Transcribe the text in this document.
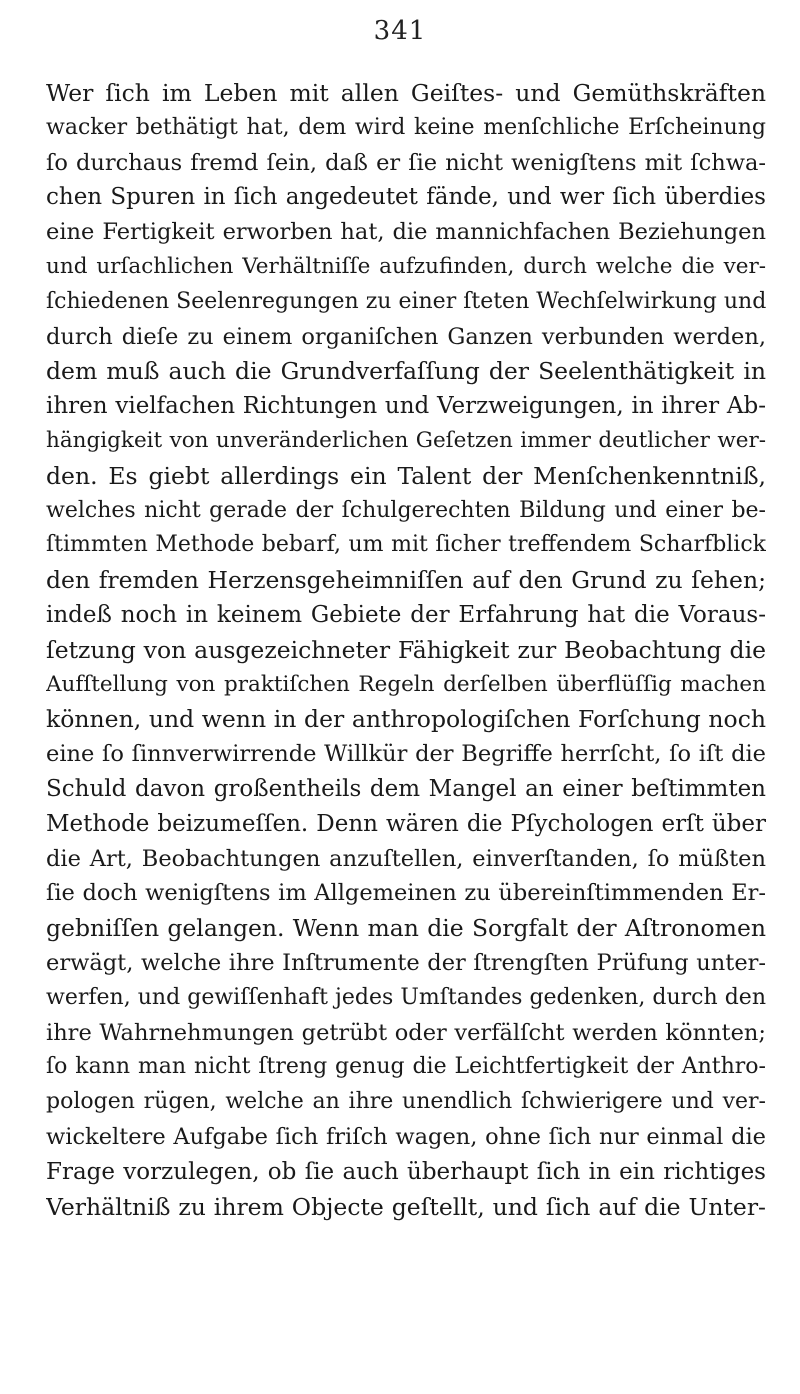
341
Wer ſich im Leben mit allen Geiſtes- und Gemüthskräften
wacker bethätigt hat, dem wird keine menſchliche Erſcheinung
ſo durchaus fremd ſein, daß er ſie nicht wenigſtens mit ſchwa-
chen Spuren in ſich angedeutet fände, und wer ſich überdies
eine Fertigkeit erworben hat, die mannichfachen Beziehungen
und urſachlichen Verhältniſſe aufzufinden, durch welche die ver-
ſchiedenen Seelenregungen zu einer ſteten Wechſelwirkung und
durch dieſe zu einem organiſchen Ganzen verbunden werden,
dem muß auch die Grundverfaſſung der Seelenthätigkeit in
ihren vielfachen Richtungen und Verzweigungen, in ihrer Ab-
hängigkeit von unveränderlichen Geſetzen immer deutlicher wer-
den. Es giebt allerdings ein Talent der Menſchenkenntniß,
welches nicht gerade der ſchulgerechten Bildung und einer be-
ſtimmten Methode bebarf, um mit ſicher treffendem Scharfblick
den fremden Herzensgeheimniſſen auf den Grund zu ſehen;
indeß noch in keinem Gebiete der Erfahrung hat die Voraus-
ſetzung von ausgezeichneter Fähigkeit zur Beobachtung die
Aufſtellung von praktiſchen Regeln derſelben überflüſſig machen
können, und wenn in der anthropologiſchen Forſchung noch
eine ſo ſinnverwirrende Willkür der Begriffe herrſcht, ſo iſt die
Schuld davon großentheils dem Mangel an einer beſtimmten
Methode beizumeſſen. Denn wären die Pſychologen erſt über
die Art, Beobachtungen anzuſtellen, einverſtanden, ſo müßten
ſie doch wenigſtens im Allgemeinen zu übereinſtimmenden Er-
gebniſſen gelangen. Wenn man die Sorgfalt der Aſtronomen
erwägt, welche ihre Inſtrumente der ſtrengſten Prüfung unter-
werfen, und gewiſſenhaft jedes Umſtandes gedenken, durch den
ihre Wahrnehmungen getrübt oder verfälſcht werden könnten;
ſo kann man nicht ſtreng genug die Leichtfertigkeit der Anthro-
pologen rügen, welche an ihre unendlich ſchwierigere und ver-
wickeltere Aufgabe ſich friſch wagen, ohne ſich nur einmal die
Frage vorzulegen, ob ſie auch überhaupt ſich in ein richtiges
Verhältniß zu ihrem Objecte geſtellt, und ſich auf die Unter-
